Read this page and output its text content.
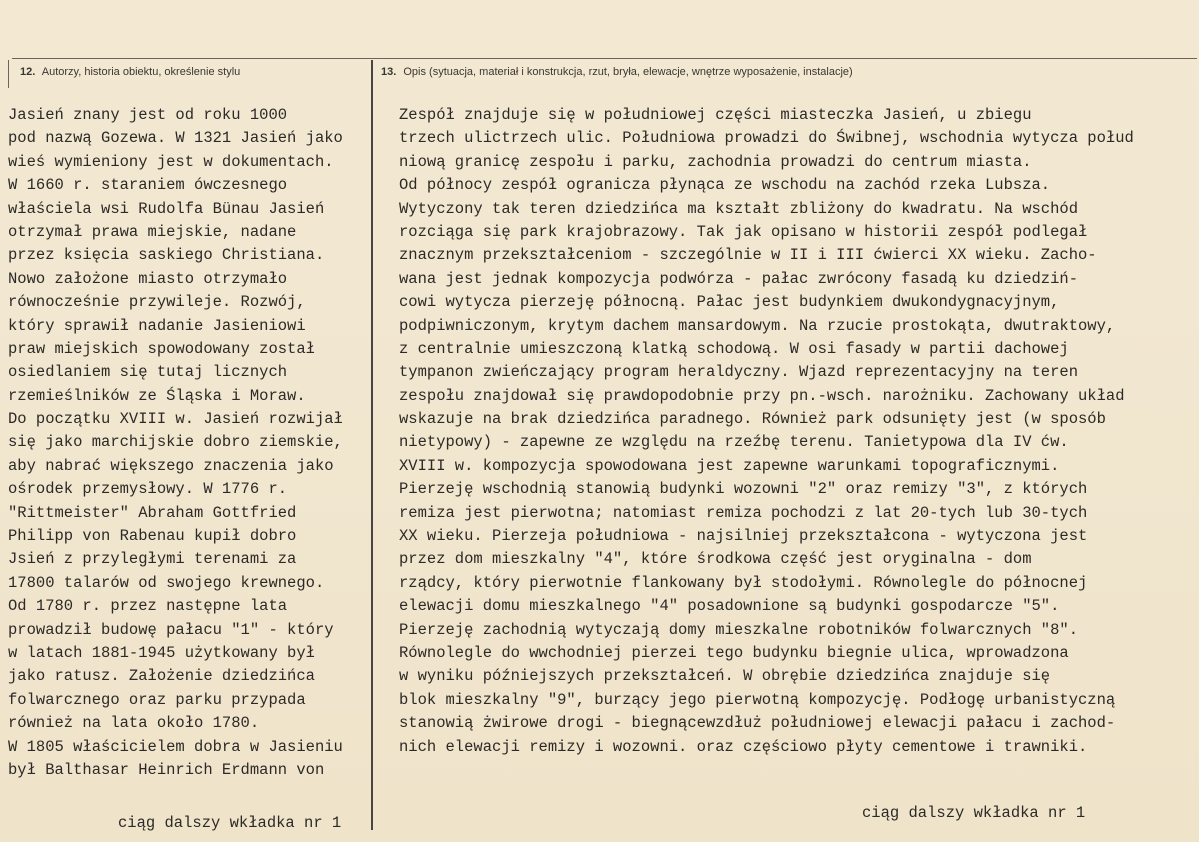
12. Autorzy, historia obiektu, określenie stylu	13. Opis (sytuacja, materiał i konstrukcja, rzut, bryła, elewacje, wnętrze wyposażenie, instalacje)
Jasień znany jest od roku 1000
pod nazwą Gozewa. W 1321 Jasień jako
wieś wymieniony jest w dokumentach.
W 1660 r. staraniem ówczesnego
właściela wsi Rudolfa Bünau Jasień
otrzymał prawa miejskie, nadane
przez księcia saskiego Christiana.
Nowo założone miasto otrzymało
równocześnie przywileje. Rozwój,
który sprawił nadanie Jasieniowi
praw miejskich spowodowany został
osiedlaniem się tutaj licznych
rzemieślników ze Śląska i Moraw.
Do początku XVIII w. Jasień rozwijał
się jako marchijskie dobro ziemskie,
aby nabrać większego znaczenia jako
ośrodek przemysłowy. W 1776 r.
"Rittmeister" Abraham Gottfried
Philipp von Rabenau kupił dobro
Jsień z przyległymi terenami za
17800 talarów od swojego krewnego.
Od 1780 r. przez następne lata
prowadził budowę pałacu "1" - który
w latach 1881-1945 użytkowany był
jako ratusz. Założenie dziedzińca
folwarcznego oraz parku przypada
również na lata około 1780.
W 1805 właścicielem dobra w Jasieniu
był Balthasar Heinrich Erdmann von
Zespół znajduje się w południowej części miasteczka Jasień, u zbiegu
trzech ulictrzech ulic. Południowa prowadzi do Świbnej, wschodnia wytycza połud
niową granicę zespołu i parku, zachodnia prowadzi do centrum miasta.
Od północy zespół ogranicza płynąca ze wschodu na zachód rzeka Lubsza.
Wytyczony tak teren dziedzińca ma kształt zbliżony do kwadratu. Na wschód
rozciąga się park krajobrazowy. Tak jak opisano w historii zespół podlegał
znacznym przekształceniom - szczególnie w II i III ćwierci XX wieku. Zacho-
wana jest jednak kompozycja podwórza - pałac zwrócony fasadą ku dziedziń-
cowi wytycza pierzeję północną. Pałac jest budynkiem dwukondygnacyjnym,
podpiwniczonym, krytym dachem mansardowym. Na rzucie prostokąta, dwutraktowy,
z centralnie umieszczoną klatką schodową. W osi fasady w partii dachowej
tympanon zwieńczający program heraldyczny. Wjazd reprezentacyjny na teren
zespołu znajdował się prawdopodobnie przy pn.-wsch. narożniku. Zachowany układ
wskazuje na brak dziedzińca paradnego. Również park odsunięty jest (w sposób
nietypowy) - zapewne ze względu na rzeźbę terenu. Tanietypowa dla IV ćw.
XVIII w. kompozycja spowodowana jest zapewne warunkami topograficznymi.
Pierzeję wschodnią stanowią budynki wozowni "2" oraz remizy "3", z których
remiza jest pierwotna; natomiast remiza pochodzi z lat 20-tych lub 30-tych
XX wieku. Pierzeja południowa - najsilniej przekształcona - wytyczona jest
przez dom mieszkalny "4", które środkowa część jest oryginalna - dom
rządcy, który pierwotnie flankowany był stodołymi. Równolegle do północnej
elewacji domu mieszkalnego "4" posadownione są budynki gospodarcze "5".
Pierzeję zachodnią wytyczają domy mieszkalne robotników folwarcznych "8".
Równolegle do wwchodniej pierzei tego budynku biegnie ulica, wprowadzona
w wyniku późniejszych przekształceń. W obrębie dziedzińca znajduje się
blok mieszkalny "9", burzący jego pierwotną kompozycję. Podłogę urbanistyczną
stanowią żwirowe drogi - biegnącewzdłuż południowej elewacji pałacu i zachod-
nich elewacji remizy i wozowni. oraz częściowo płyty cementowe i trawniki.
ciąg dalszy wkładka nr 1
ciąg dalszy wkładka nr 1
